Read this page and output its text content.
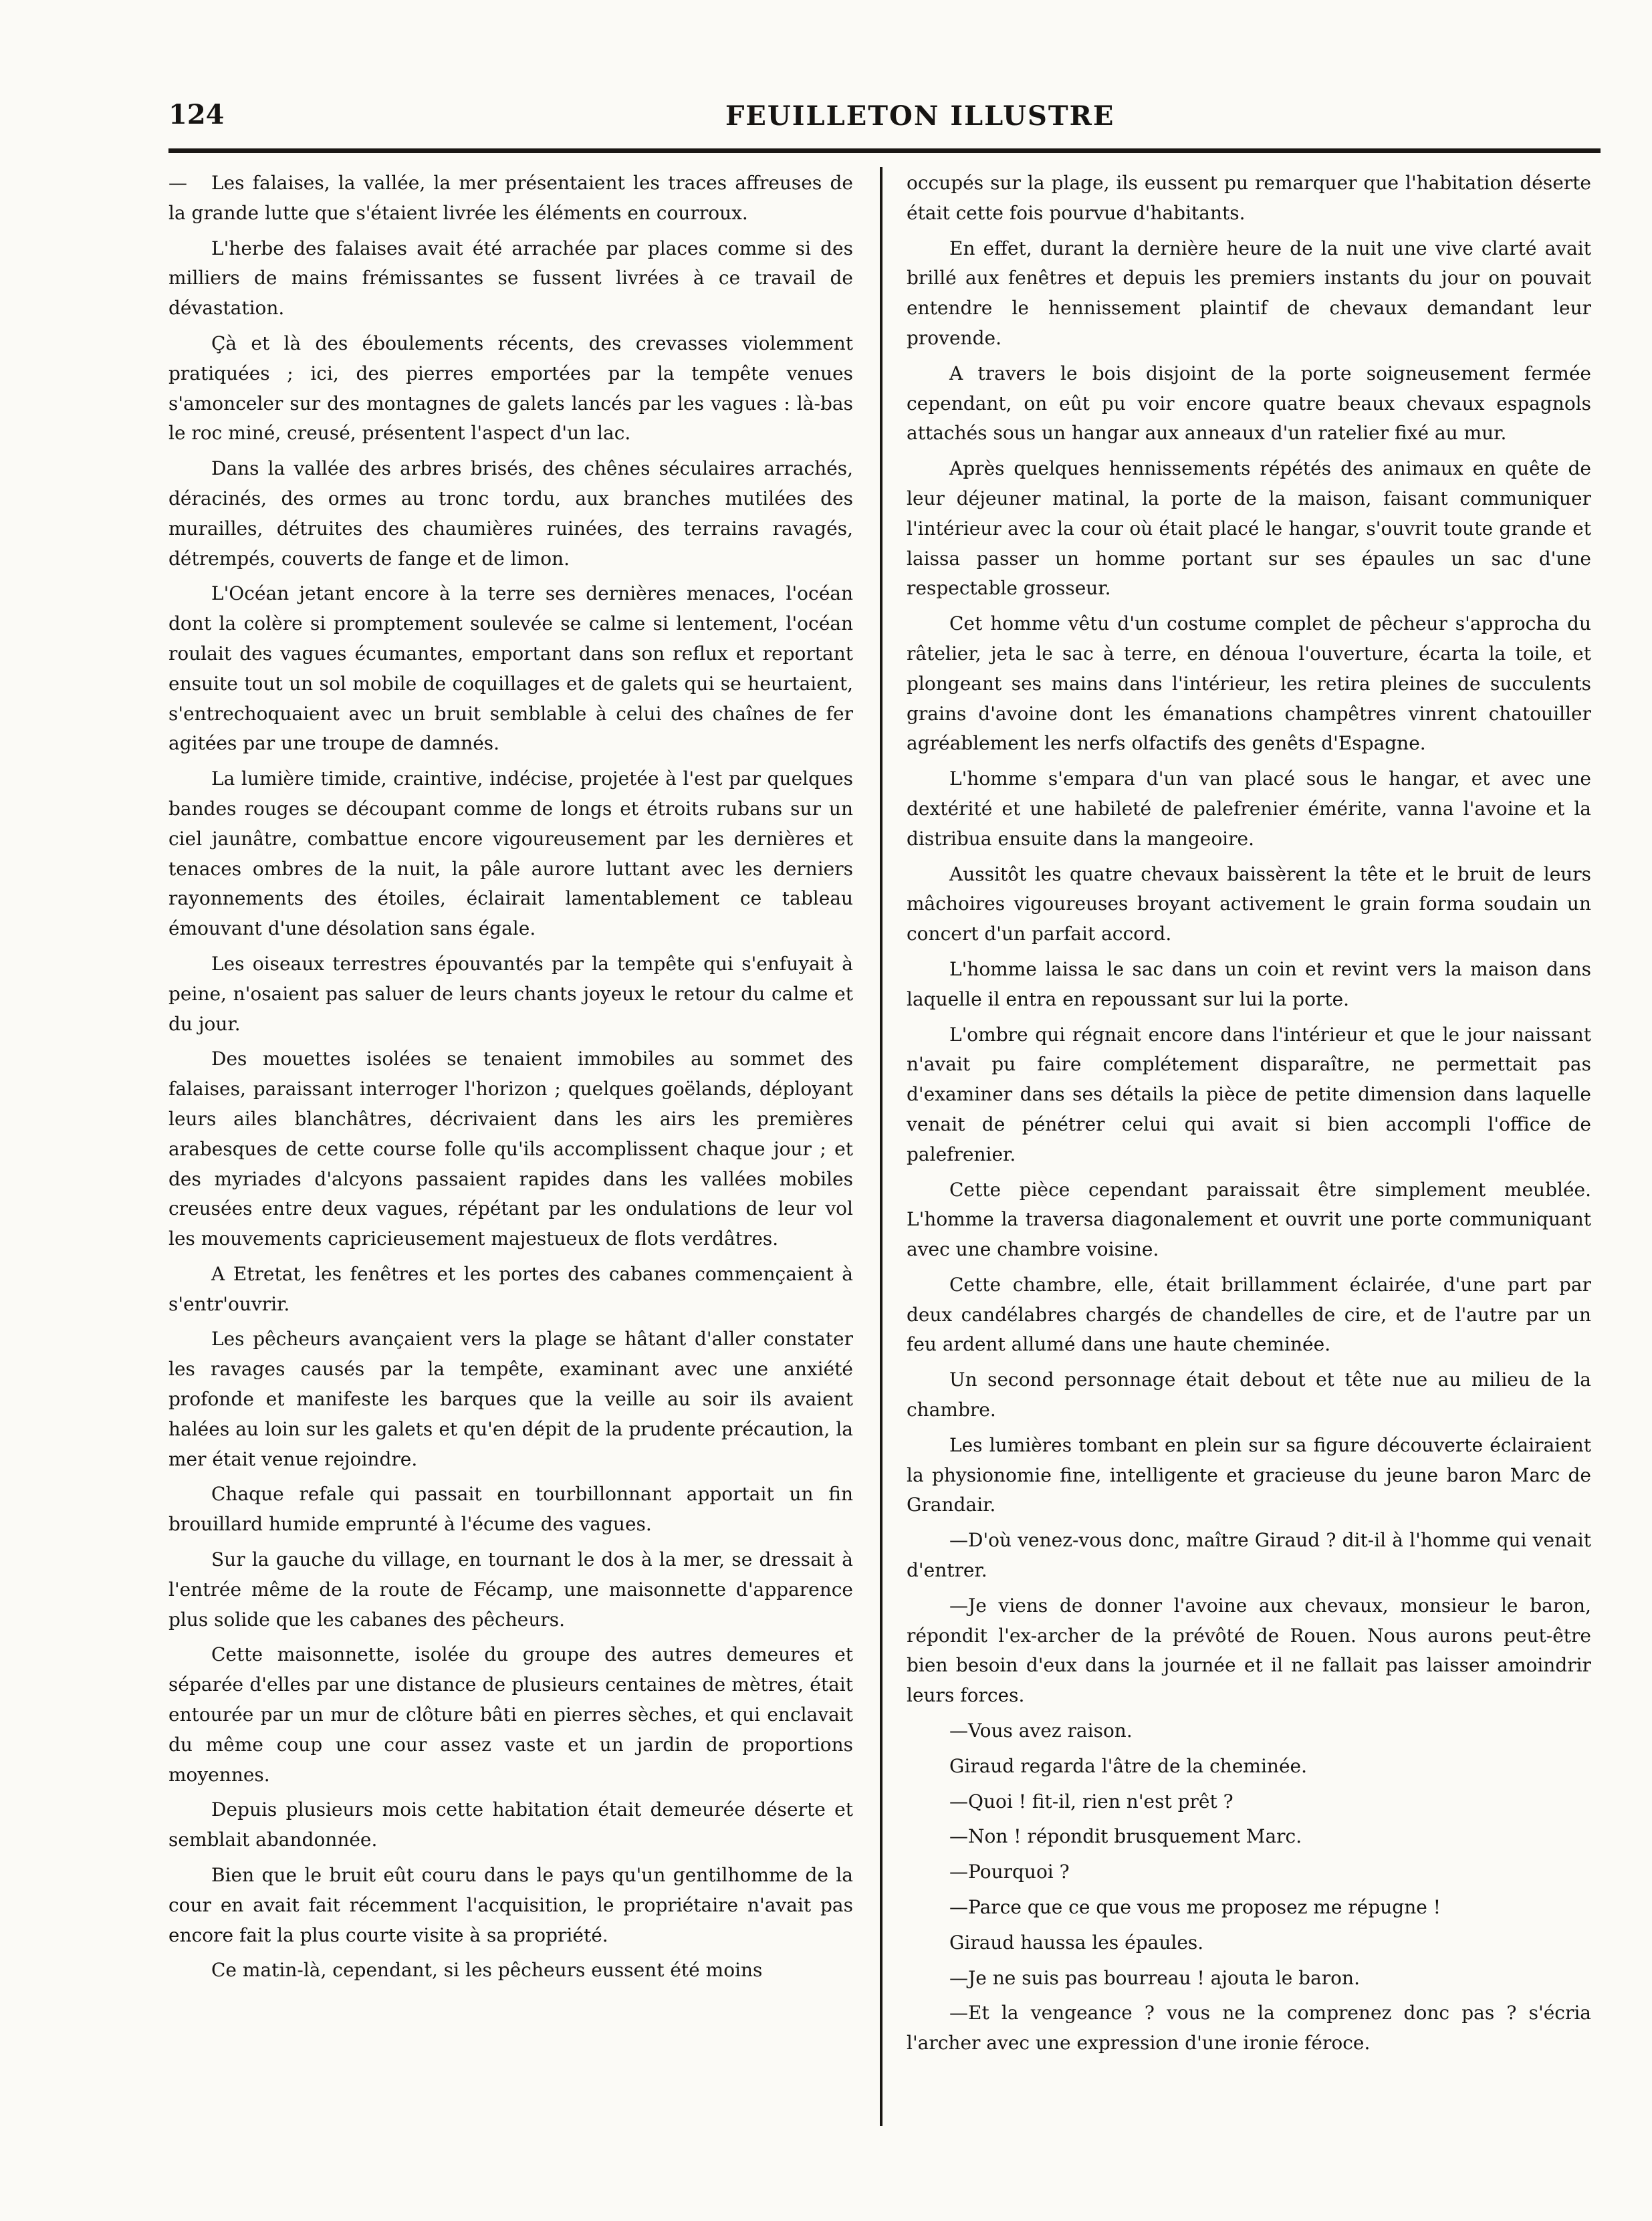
124	FEUILLETON ILLUSTRE

— Les falaises, la vallée, la mer présentaient les traces affreuses de la grande lutte que s'étaient livrée les éléments en courroux.

L'herbe des falaises avait été arrachée par places comme si des milliers de mains frémissantes se fussent livrées à ce travail de dévastation.

Çà et là des éboulements récents, des crevasses violemment pratiquées ; ici, des pierres emportées par la tempête venues s'amonceler sur des montagnes de galets lancés par les vagues : là-bas le roc miné, creusé, présentent l'aspect d'un lac.

Dans la vallée des arbres brisés, des chênes séculaires arrachés, déracinés, des ormes au tronc tordu, aux branches mutilées des murailles, détruites des chaumières ruinées, des terrains ravagés, détrempés, couverts de fange et de limon.

L'Océan jetant encore à la terre ses dernières menaces, l'océan dont la colère si promptement soulevée se calme si lentement, l'océan roulait des vagues écumantes, emportant dans son reflux et reportant ensuite tout un sol mobile de coquillages et de galets qui se heurtaient, s'entrechoquaient avec un bruit semblable à celui des chaînes de fer agitées par une troupe de damnés.

La lumière timide, craintive, indécise, projetée à l'est par quelques bandes rouges se découpant comme de longs et étroits rubans sur un ciel jaunâtre, combattue encore vigoureusement par les dernières et tenaces ombres de la nuit, la pâle aurore luttant avec les derniers rayonnements des étoiles, éclairait lamentablement ce tableau émouvant d'une désolation sans égale.

Les oiseaux terrestres épouvantés par la tempête qui s'enfuyait à peine, n'osaient pas saluer de leurs chants joyeux le retour du calme et du jour.

Des mouettes isolées se tenaient immobiles au sommet des falaises, paraissant interroger l'horizon ; quelques goëlands, déployant leurs ailes blanchâtres, décrivaient dans les airs les premières arabesques de cette course folle qu'ils accomplissent chaque jour ; et des myriades d'alcyons passaient rapides dans les vallées mobiles creusées entre deux vagues, répétant par les ondulations de leur vol les mouvements capricieusement majestueux de flots verdâtres.

A Etretat, les fenêtres et les portes des cabanes commençaient à s'entr'ouvrir.

Les pêcheurs avançaient vers la plage se hâtant d'aller constater les ravages causés par la tempête, examinant avec une anxiété profonde et manifeste les barques que la veille au soir ils avaient halées au loin sur les galets et qu'en dépit de la prudente précaution, la mer était venue rejoindre.

Chaque refale qui passait en tourbillonnant apportait un fin brouillard humide emprunté à l'écume des vagues.

Sur la gauche du village, en tournant le dos à la mer, se dressait à l'entrée même de la route de Fécamp, une maisonnette d'apparence plus solide que les cabanes des pêcheurs.

Cette maisonnette, isolée du groupe des autres demeures et séparée d'elles par une distance de plusieurs centaines de mètres, était entourée par un mur de clôture bâti en pierres sèches, et qui enclavait du même coup une cour assez vaste et un jardin de proportions moyennes.

Depuis plusieurs mois cette habitation était demeurée déserte et semblait abandonnée.

Bien que le bruit eût couru dans le pays qu'un gentilhomme de la cour en avait fait récemment l'acquisition, le propriétaire n'avait pas encore fait la plus courte visite à sa propriété.

Ce matin-là, cependant, si les pêcheurs eussent été moins

occupés sur la plage, ils eussent pu remarquer que l'habitation déserte était cette fois pourvue d'habitants.

En effet, durant la dernière heure de la nuit une vive clarté avait brillé aux fenêtres et depuis les premiers instants du jour on pouvait entendre le hennissement plaintif de chevaux demandant leur provende.

A travers le bois disjoint de la porte soigneusement fermée cependant, on eût pu voir encore quatre beaux chevaux espagnols attachés sous un hangar aux anneaux d'un ratelier fixé au mur.

Après quelques hennissements répétés des animaux en quête de leur déjeuner matinal, la porte de la maison, faisant communiquer l'intérieur avec la cour où était placé le hangar, s'ouvrit toute grande et laissa passer un homme portant sur ses épaules un sac d'une respectable grosseur.

Cet homme vêtu d'un costume complet de pêcheur s'approcha du râtelier, jeta le sac à terre, en dénoua l'ouverture, écarta la toile, et plongeant ses mains dans l'intérieur, les retira pleines de succulents grains d'avoine dont les émanations champêtres vinrent chatouiller agréablement les nerfs olfactifs des genêts d'Espagne.

L'homme s'empara d'un van placé sous le hangar, et avec une dextérité et une habileté de palefrenier émérite, vanna l'avoine et la distribua ensuite dans la mangeoire.

Aussitôt les quatre chevaux baissèrent la tête et le bruit de leurs mâchoires vigoureuses broyant activement le grain forma soudain un concert d'un parfait accord.

L'homme laissa le sac dans un coin et revint vers la maison dans laquelle il entra en repoussant sur lui la porte.

L'ombre qui régnait encore dans l'intérieur et que le jour naissant n'avait pu faire complétement disparaître, ne permettait pas d'examiner dans ses détails la pièce de petite dimension dans laquelle venait de pénétrer celui qui avait si bien accompli l'office de palefrenier.

Cette pièce cependant paraissait être simplement meublée. L'homme la traversa diagonalement et ouvrit une porte communiquant avec une chambre voisine.

Cette chambre, elle, était brillamment éclairée, d'une part par deux candélabres chargés de chandelles de cire, et de l'autre par un feu ardent allumé dans une haute cheminée.

Un second personnage était debout et tête nue au milieu de la chambre.

Les lumières tombant en plein sur sa figure découverte éclairaient la physionomie fine, intelligente et gracieuse du jeune baron Marc de Grandair.

—D'où venez-vous donc, maître Giraud ? dit-il à l'homme qui venait d'entrer.

—Je viens de donner l'avoine aux chevaux, monsieur le baron, répondit l'ex-archer de la prévôté de Rouen. Nous aurons peut-être bien besoin d'eux dans la journée et il ne fallait pas laisser amoindrir leurs forces.

—Vous avez raison.

Giraud regarda l'âtre de la cheminée.

—Quoi ! fit-il, rien n'est prêt ?

—Non ! répondit brusquement Marc.

—Pourquoi ?

—Parce que ce que vous me proposez me répugne !

Giraud haussa les épaules.

—Je ne suis pas bourreau ! ajouta le baron.

—Et la vengeance ? vous ne la comprenez donc pas ? s'écria l'archer avec une expression d'une ironie féroce.
